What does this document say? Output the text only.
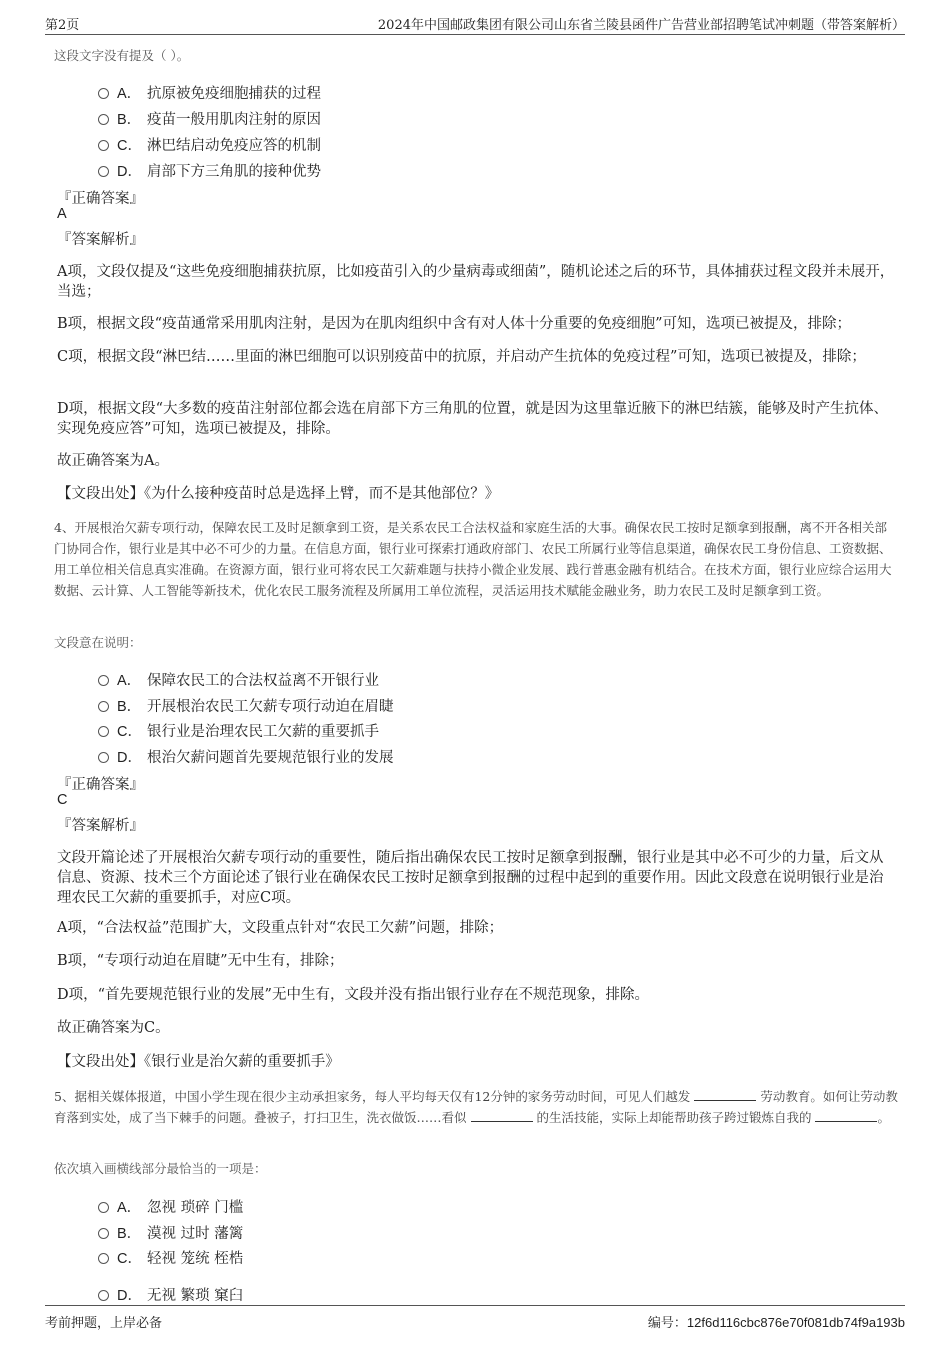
第2页	2024年中国邮政集团有限公司山东省兰陵县函件广告营业部招聘笔试冲刺题（带答案解析）
这段文字没有提及（ ）。
A． 抗原被免疫细胞捕获的过程
B． 疫苗一般用肌肉注射的原因
C． 淋巴结启动免疫应答的机制
D． 肩部下方三角肌的接种优势
『正确答案』
A
『答案解析』
A项，文段仅提及“这些免疫细胞捕获抗原，比如疫苗引入的少量病毒或细菌”，随机论述之后的环节，具体捕获过程文段并未展开，当选；
B项，根据文段“疫苗通常采用肌肉注射，是因为在肌肉组织中含有对人体十分重要的免疫细胞”可知，选项已被提及，排除；
C项，根据文段“淋巴结……里面的淋巴细胞可以识别疫苗中的抗原，并启动产生抗体的免疫过程”可知，选项已被提及，排除；
D项，根据文段“大多数的疫苗注射部位都会选在肩部下方三角肌的位置，就是因为这里靠近腋下的淋巴结簇，能够及时产生抗体、实现免疫应答”可知，选项已被提及，排除。
故正确答案为A。
【文段出处】《为什么接种疫苗时总是选择上臂，而不是其他部位？》
4、开展根治欠薪专项行动，保障农民工及时足额拿到工资，是关系农民工合法权益和家庭生活的大事。确保农民工按时足额拿到报酬，离不开各相关部门协同合作，银行业是其中必不可少的力量。在信息方面，银行业可探索打通政府部门、农民工所属行业等信息渠道，确保农民工身份信息、工资数据、用工单位相关信息真实准确。在资源方面，银行业可将农民工欠薪难题与扶持小微企业发展、践行普惠金融有机结合。在技术方面，银行业应综合运用大数据、云计算、人工智能等新技术，优化农民工服务流程及所属用工单位流程，灵活运用技术赋能金融业务，助力农民工及时足额拿到工资。
文段意在说明：
A． 保障农民工的合法权益离不开银行业
B． 开展根治农民工欠薪专项行动迫在眉睫
C． 银行业是治理农民工欠薪的重要抓手
D． 根治欠薪问题首先要规范银行业的发展
『正确答案』
C
『答案解析』
文段开篇论述了开展根治欠薪专项行动的重要性，随后指出确保农民工按时足额拿到报酬，银行业是其中必不可少的力量，后文从信息、资源、技术三个方面论述了银行业在确保农民工按时足额拿到报酬的过程中起到的重要作用。因此文段意在说明银行业是治理农民工欠薪的重要抓手，对应C项。
A项，“合法权益”范围扩大，文段重点针对“农民工欠薪”问题，排除；
B项，“专项行动迫在眉睫”无中生有，排除；
D项，“首先要规范银行业的发展”无中生有，文段并没有指出银行业存在不规范现象，排除。
故正确答案为C。
【文段出处】《银行业是治欠薪的重要抓手》
5、据相关媒体报道，中国小学生现在很少主动承担家务，每人平均每天仅有12分钟的家务劳动时间，可见人们越发	劳动教育。如何让劳动教育落到实处，成了当下棘手的问题。叠被子，打扫卫生，洗衣做饭……看似	的生活技能，实际上却能帮助孩子跨过锻炼自我的	。
依次填入画横线部分最恰当的一项是：
A． 忽视 琐碎 门槛
B． 漠视 过时 藩篱
C． 轻视 笼统 桎梏
D． 无视 繁琐 窠臼
考前押题，上岸必备	编号：12f6d116cbc876e70f081db74f9a193b
